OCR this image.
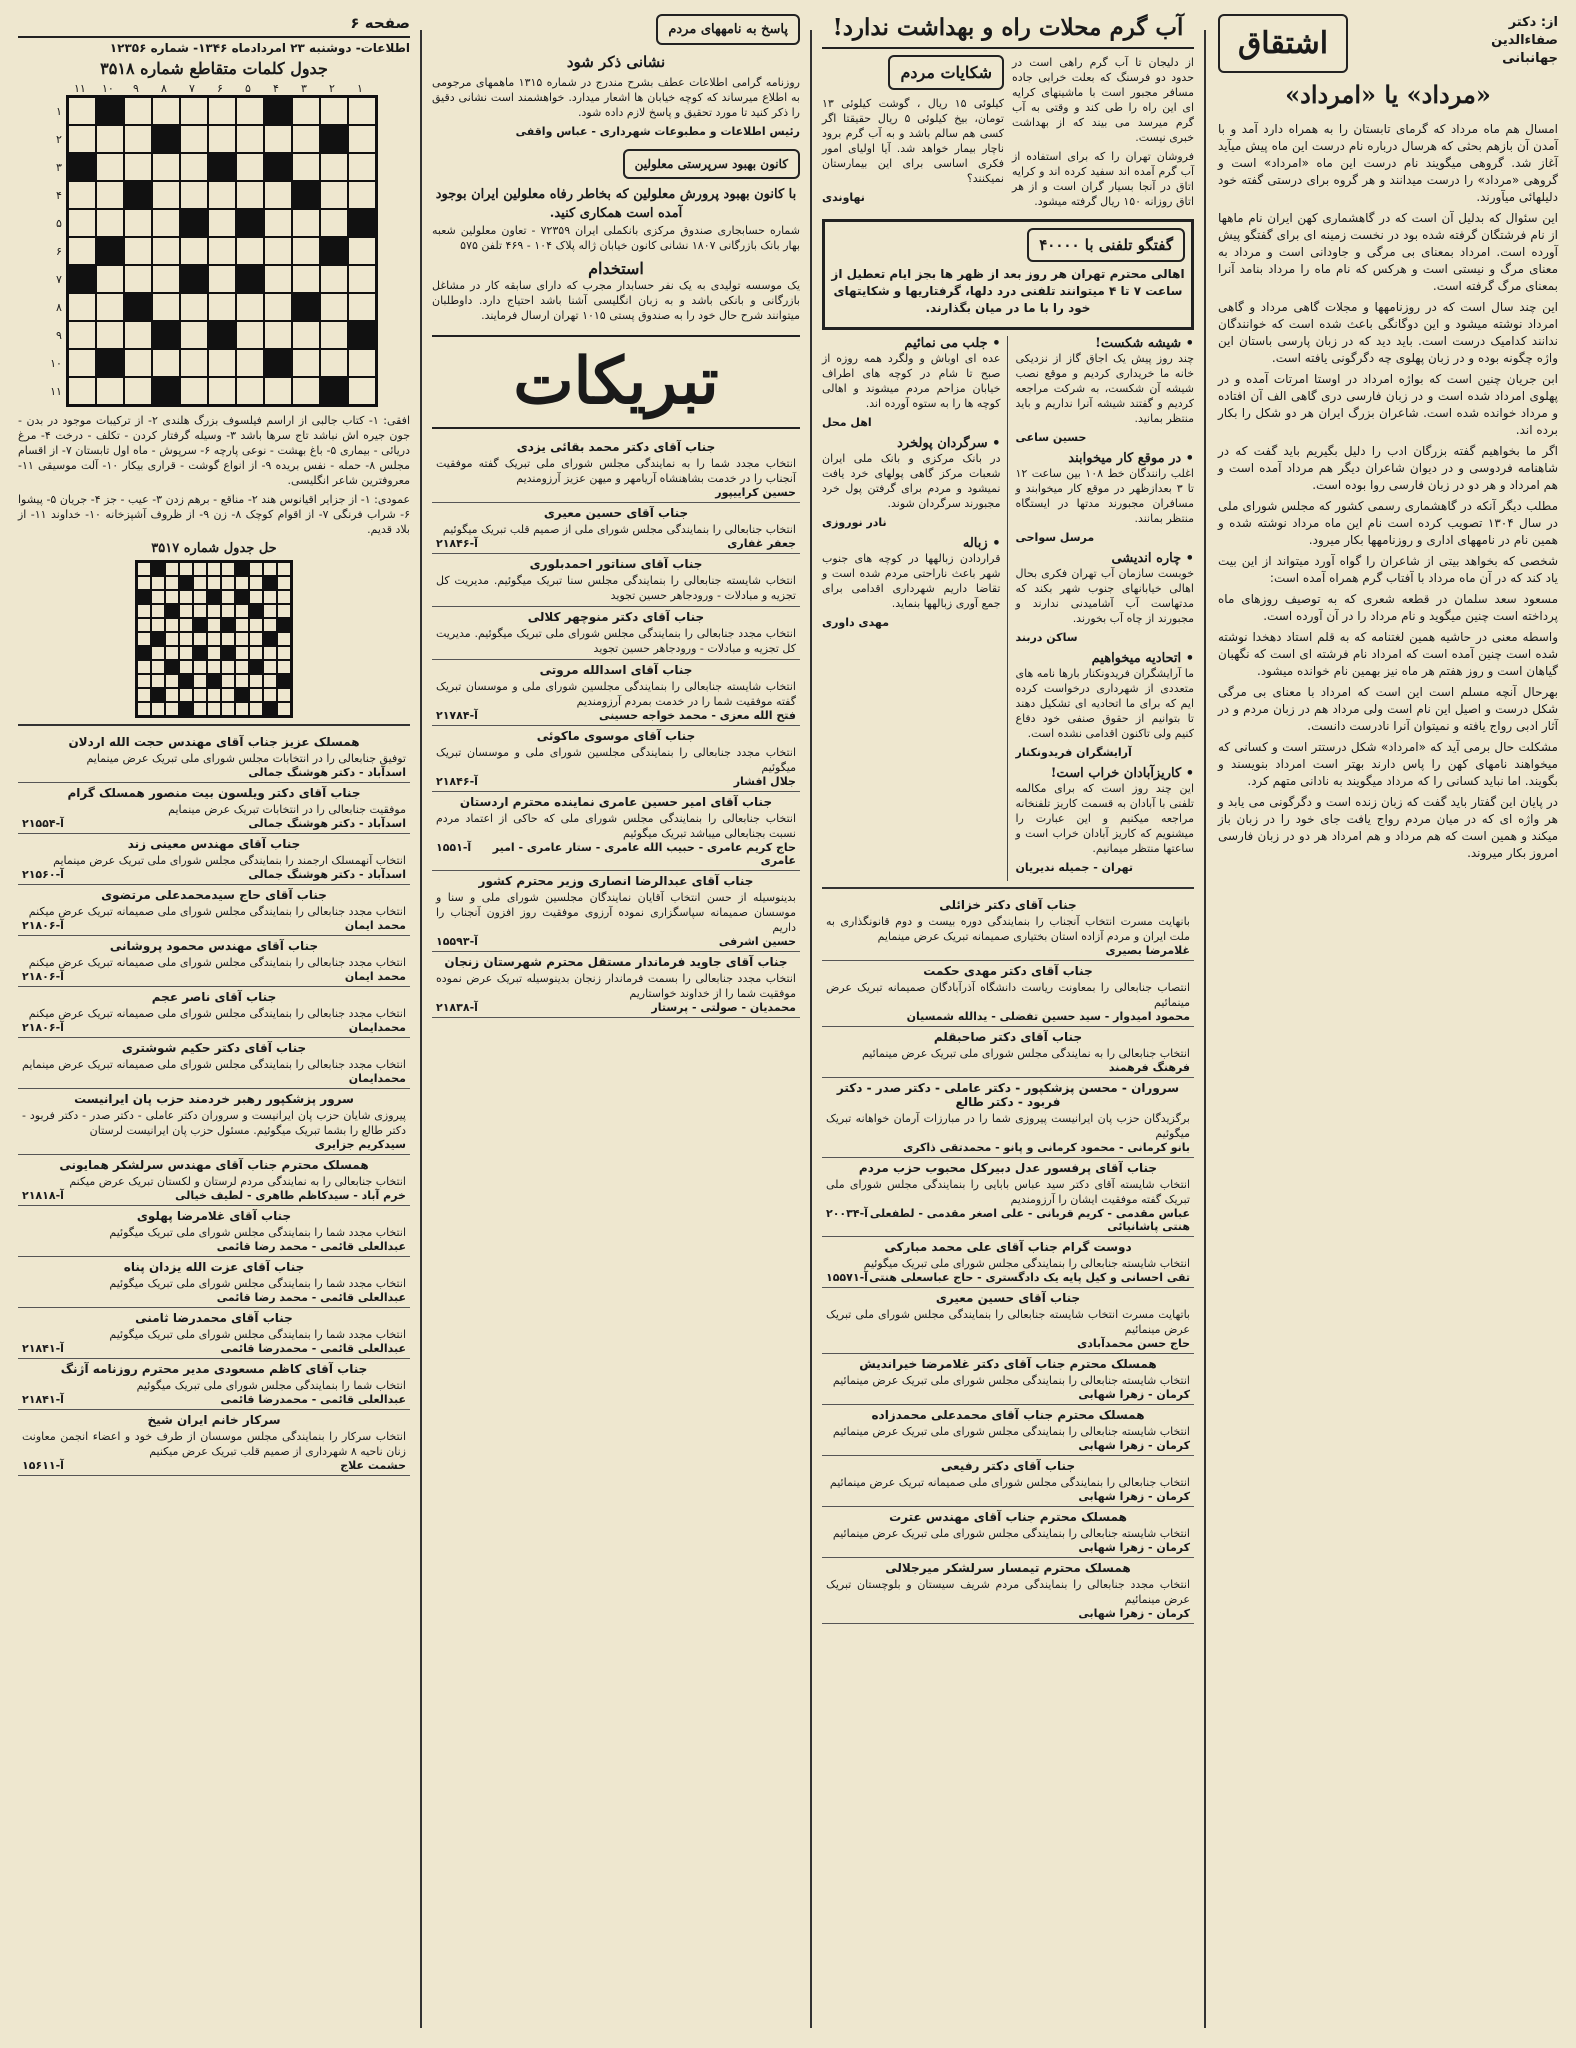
از: دکتر صفاءالدین جهانبانی
اشتقاق
«مرداد» یا «امرداد»

امسال هم ماه مرداد که گرمای تابستان را به همراه دارد آمد و با آمدن آن بازهم بحثی که هرسال درباره نام درست این ماه پیش میآید آغاز شد. گروهی میگویند نام درست این ماه «امرداد» است و گروهی «مرداد» را درست میدانند و هر گروه برای درستی گفته خود دلیلهائی میآورند.

این سئوال که بدلیل آن است که در گاهشماری کهن ایران نام ماهها از نام فرشتگان گرفته شده بود در نخست زمینه ای برای گفتگو پیش آورده است. امرداد بمعنای بی مرگی و جاودانی است و مرداد به معنای مرگ و نیستی است و هرکس که نام ماه را مرداد بنامد آنرا بمعنای مرگ گرفته است.

این چند سال است که در روزنامهها و مجلات گاهی مرداد و گاهی امرداد نوشته میشود و این دوگانگی باعث شده است که خوانندگان ندانند کدامیک درست است. باید دید که در زبان پارسی باستان این واژه چگونه بوده و در زبان پهلوی چه دگرگونی یافته است.

ابن جریان چنین است که بواژه امرداد در اوستا امرتات آمده و در پهلوی امرداد شده است و در زبان فارسی دری گاهی الف آن افتاده و مرداد خوانده شده است. شاعران بزرگ ایران هر دو شکل را بکار برده اند.

اگر ما بخواهیم گفته بزرگان ادب را دلیل بگیریم باید گفت که در شاهنامه فردوسی و در دیوان شاعران دیگر هم مرداد آمده است و هم امرداد و هر دو در زبان فارسی روا بوده است.

مطلب دیگر آنکه در گاهشماری رسمی کشور که مجلس شورای ملی در سال ۱۳۰۴ تصویب کرده است نام این ماه مرداد نوشته شده و همین نام در نامههای اداری و روزنامهها بکار میرود.

شخصی که بخواهد بیتی از شاعران را گواه آورد میتواند از این بیت یاد کند که در آن ماه مرداد با آفتاب گرم همراه آمده است:

مسعود سعد سلمان در قطعه شعری که به توصیف روزهای ماه پرداخته است چنین میگوید و نام مرداد را در آن آورده است.

واسطه معنی در حاشیه همین لغتنامه که به قلم استاد دهخدا نوشته شده است چنین آمده است که امرداد نام فرشته ای است که نگهبان گیاهان است و روز هفتم هر ماه نیز بهمین نام خوانده میشود.

بهرحال آنچه مسلم است این است که امرداد با معنای بی مرگی شکل درست و اصیل این نام است ولی مرداد هم در زبان مردم و در آثار ادبی رواج یافته و نمیتوان آنرا نادرست دانست.

مشکلت حال برمی آید که «امرداد» شکل درستتر است و کسانی که میخواهند نامهای کهن را پاس دارند بهتر است امرداد بنویسند و بگویند. اما نباید کسانی را که مرداد میگویند به نادانی متهم کرد.

در پایان این گفتار باید گفت که زبان زنده است و دگرگونی می یابد و هر واژه ای که در میان مردم رواج یافت جای خود را در زبان باز میکند و همین است که هم مرداد و هم امرداد هر دو در زبان فارسی امروز بکار میروند.

آب گرم محلات راه و بهداشت ندارد!

از دلیجان تا آب گرم راهی است در حدود دو فرسنگ که بعلت خرابی جاده مسافر مجبور است با ماشینهای کرایه ای این راه را طی کند و وقتی به آب گرم میرسد می بیند که از بهداشت خبری نیست.

فروشان تهران را که برای استفاده از آب گرم آمده اند سفید کرده اند و کرایه اتاق در آنجا بسیار گران است و از هر اتاق روزانه ۱۵۰ ریال گرفته میشود.

شکایات مردم

کیلوئی ۱۵ ریال ، گوشت کیلوئی ۱۳ تومان، بیخ کیلوئی ۵ ریال حقیقتا اگر کسی هم سالم باشد و به آب گرم برود ناچار بیمار خواهد شد. آیا اولیای امور فکری اساسی برای این بیمارستان نمیکنند؟

نهاوندی

گفتگو تلفنی با ۴۰۰۰۰

اهالی محترم تهران هر روز بعد از ظهر ها بجز ایام تعطیل از ساعت ۷ تا ۴ میتوانند تلفنی درد دلها، گرفتاریها و شکایتهای خود را با ما در میان بگذارند.

• شیشه شکست!

چند روز پیش یک اجاق گاز از نزدیکی خانه ما خریداری کردیم و موقع نصب شیشه آن شکست، به شرکت مراجعه کردیم و گفتند شیشه آنرا نداریم و باید منتظر بمانید.

حسین ساعی

• در موقع کار میخوابند

اغلب رانندگان خط ۱۰۸ بین ساعت ۱۲ تا ۳ بعدازظهر در موقع کار میخوابند و مسافران مجبورند مدتها در ایستگاه منتظر بمانند.

مرسل سواحی

• چاره اندیشی

خوبست سازمان آب تهران فکری بحال اهالی خیابانهای جنوب شهر بکند که مدتهاست آب آشامیدنی ندارند و مجبورند از چاه آب بخورند.

ساکن دربند

• اتحادیه میخواهیم

ما آرایشگران فریدونکنار بارها نامه های متعددی از شهرداری درخواست کرده ایم که برای ما اتحادیه ای تشکیل دهند تا بتوانیم از حقوق صنفی خود دفاع کنیم ولی تاکنون اقدامی نشده است.

آرایشگران فریدونکنار

• کاریزآبادان خراب است!

این چند روز است که برای مکالمه تلفنی با آبادان به قسمت کاریز تلفنخانه مراجعه میکنیم و این عبارت را میشنویم که کاریز آبادان خراب است و ساعتها منتظر میمانیم.

تهران - جمیله ندیریان

• جلب می نمائیم

عده ای اوباش و ولگرد همه روزه از صبح تا شام در کوچه های اطراف خیابان مزاحم مردم میشوند و اهالی کوچه ها را به ستوه آورده اند.

اهل محل

• سرگردان پولخرد

در بانک مرکزی و بانک ملی ایران شعبات مرکز گاهی پولهای خرد یافت نمیشود و مردم برای گرفتن پول خرد مجبورند سرگردان شوند.

نادر نوروزی

• زباله

قراردادن زبالهها در کوچه های جنوب شهر باعث ناراحتی مردم شده است و تقاضا داریم شهرداری اقدامی برای جمع آوری زبالهها بنماید.

مهدی داوری

جناب آقای دکتر خزائلی
بانهایت مسرت انتخاب آنجناب را بنمایندگی دوره بیست و دوم قانونگذاری به ملت ایران و مردم آزاده استان بختیاری صمیمانه تبریک عرض مینمایم
غلامرضا بصیری
جناب آقای دکتر مهدی حکمت
انتصاب جنابعالی را بمعاونت ریاست دانشگاه آذرآبادگان صمیمانه تبریک عرض مینمائیم
محمود امیدوار - سید حسین تفضلی - یدالله شمسیان
جناب آقای دکتر صاحبقلم
انتخاب جنابعالی را به نمایندگی مجلس شورای ملی تبریک عرض مینمائیم
فرهنگ فرهمند
سروران - محسن پزشکپور - دکتر عاملی - دکتر صدر - دکتر فربود - دکتر طالع
برگزیدگان حزب پان ایرانیست پیروزی شما را در مبارزات آرمان خواهانه تبریک میگوئیم
بانو کرمانی - محمود کرمانی و پانو - محمدتقی ذاکری
جناب آقای پرفسور عدل دبیرکل محبوب حزب مردم
انتخاب شایسته آقای دکتر سید عباس بابایی را بنمایندگی مجلس شورای ملی تبریک گفته موفقیت ایشان را آرزومندیم
عباس مقدمی - کریم قربانی - علی اصغر مقدمی - لطفعلی هنتی پاشانیائی
آ-۲۰۰۳۴
دوست گرام جناب آقای علی محمد مبارکی
انتخاب شایسته جنابعالی را بنمایندگی مجلس شورای ملی تبریک میگوئیم
تقی احسانی و کیل پایه یک دادگستری - حاج عباسعلی هنتی
آ-۱۵۵۷۱
جناب آقای حسین معیری
باتهایت مسرت انتخاب شایسته جنابعالی را بنمایندگی مجلس شورای ملی تبریک عرض مینمائیم
حاج حسن محمدآبادی
همسلک محترم جناب آقای دکتر غلامرضا خیراندیش
انتخاب شایسته جنابعالی را بنمایندگی مجلس شورای ملی تبریک عرض مینمائیم
کرمان - زهرا شهابی
همسلک محترم جناب آقای محمدعلی محمدزاده
انتخاب شایسته جنابعالی را بنمایندگی مجلس شورای ملی تبریک عرض مینمائیم
کرمان - زهرا شهابی
جناب آقای دکتر رفیعی
انتخاب جنابعالی را بنمایندگی مجلس شورای ملی صمیمانه تبریک عرض مینمائیم
کرمان - زهرا شهابی
همسلک محترم جناب آقای مهندس عترت
انتخاب شایسته جنابعالی را بنمایندگی مجلس شورای ملی تبریک عرض مینمائیم
کرمان - زهرا شهابی
همسلک محترم تیمسار سرلشکر میرجلالی
انتخاب مجدد جنابعالی را بنمایندگی مردم شریف سیستان و بلوچستان تبریک عرض مینمائیم
کرمان - زهرا شهابی
پاسخ به نامههای مردم
نشانی ذکر شود

روزنامه گرامی اطلاعات عطف بشرح مندرج در شماره ۱۳۱۵ ماهمهای مرجومی به اطلاع میرساند که کوچه خیابان ها اشعار میدارد. خواهشمند است نشانی دقیق را ذکر کنید تا مورد تحقیق و پاسخ لازم داده شود.

رئیس اطلاعات و مطبوعات شهرداری - عباس واقفی

کانون بهبود سرپرستی معلولین
با کانون بهبود پرورش معلولین که بخاطر رفاه معلولین ایران بوجود آمده است همکاری کنید.

شماره حسابجاری صندوق مرکزی بانکملی ایران ۷۲۳۵۹ - تعاون معلولین شعبه بهار بانک بازرگانی ۱۸۰۷ نشانی کانون خیابان ژاله پلاک ۱۰۴ - ۴۶۹ تلفن ۵۷۵

استخدام

یک موسسه تولیدی به یک نفر حسابدار مجرب که دارای سابقه کار در مشاغل بازرگانی و بانکی باشد و به زبان انگلیسی آشنا باشد احتیاج دارد. داوطلبان میتوانند شرح حال خود را به صندوق پستی ۱۰۱۵ تهران ارسال فرمایند.

تبریکات
جناب آقای دکتر محمد بقائی یزدی
انتخاب مجدد شما را به نمایندگی مجلس شورای ملی تبریک گفته موفقیت آنجناب را در خدمت بشاهنشاه آریامهر و میهن عزیز آرزومندیم
حسین کراییپور
جناب آقای حسین معیری
انتخاب جنابعالی را بنمایندگی مجلس شورای ملی از صمیم قلب تبریک میگوئیم
جعفر غفاری
آ-۲۱۸۴۶
جناب آقای سناتور احمدبلوری
انتخاب شایسته جنابعالی را بنمایندگی مجلس سنا تبریک میگوئیم. مدیریت کل تجزیه و مبادلات - ورودجاهر حسین تجوید
جناب آقای دکتر منوچهر کلالی
انتخاب مجدد جنابعالی را بنمایندگی مجلس شورای ملی تبریک میگوئیم. مدیریت کل تجزیه و مبادلات - ورودجاهر حسین تجوید
جناب آقای اسدالله مروتی
انتخاب شایسته جنابعالی را بنمایندگی مجلسین شورای ملی و موسسان تبریک گفته موفقیت شما را در خدمت بمردم آرزومندیم
فتح الله معزی - محمد خواجه حسینی
آ-۲۱۷۸۴
جناب آقای موسوی ماکوئی
انتخاب مجدد جنابعالی را بنمایندگی مجلسین شورای ملی و موسسان تبریک میگوئیم
جلال افشار
آ-۲۱۸۴۶
جناب آقای امیر حسین عامری نماینده محترم اردستان
انتخاب جنابعالی را بنمایندگی مجلس شورای ملی که حاکی از اعتماد مردم نسبت بجنابعالی میباشد تبریک میگوئیم
حاج کریم عامری - حبیب الله عامری - ستار عامری - امیر عامری
آ-۱۵۵۱
جناب آقای عبدالرضا انصاری وزیر محترم کشور
بدینوسیله از حسن انتخاب آقایان نمایندگان مجلسین شورای ملی و سنا و موسسان صمیمانه سپاسگزاری نموده آرزوی موفقیت روز افزون آنجناب را داریم
حسین اشرفی
آ-۱۵۵۹۳
جناب آقای جاوید فرماندار مستقل محترم شهرستان زنجان
انتخاب مجدد جنابعالی را بسمت فرماندار زنجان بدینوسیله تبریک عرض نموده موفقیت شما را از خداوند خواستاریم
محمدیان - صولتی - پرستار
آ-۲۱۸۳۸
صفحه ۶
اطلاعات- دوشنبه ۲۳ امردادماه ۱۳۴۶- شماره ۱۲۳۵۶
جدول کلمات متقاطع شماره ۳۵۱۸
۱۱	۱۰	۹	۸	۷	۶	۵	۴	۳	۲	۱
۱
۲
۳
۴
۵
۶
۷
۸
۹
۱۰
۱۱

افقی: ۱- کتاب جالبی از اراسم فیلسوف بزرگ هلندی ۲- از ترکیبات موجود در بدن - جون جیره اش نباشد تاج سرها باشد ۳- وسیله گرفتار کردن - تکلف - درخت ۴- مرغ دریائی - بیماری ۵- باغ بهشت - نوعی پارچه ۶- سرپوش - ماه اول تابستان ۷- از اقسام مجلس ۸- حمله - نفس بریده ۹- از انواع گوشت - قراری بیکار ۱۰- آلت موسیقی ۱۱- معروفترین شاعر انگلیسی.

عمودی: ۱- از جزایر اقیانوس هند ۲- مناقع - برهم زدن ۳- عیب - جز ۴- جریان ۵- پیشوا ۶- شراب فرنگی ۷- از اقوام کوچک ۸- زن ۹- از ظروف آشپزخانه ۱۰- خداوند ۱۱- از بلاد قدیم.

حل جدول شماره ۳۵۱۷
همسلک عزیز جناب آقای مهندس حجت الله اردلان
توفیق جنابعالی را در انتخابات مجلس شورای ملی تبریک عرض مینمایم
اسدآباد - دکتر هوشنگ جمالی
جناب آقای دکتر ویلسون بیت منصور همسلک گرام
موفقیت جنابعالی را در انتخابات تبریک عرض مینمایم
اسدآباد - دکتر هوشنگ جمالی
آ-۲۱۵۵۴
جناب آقای مهندس معینی زند
انتخاب آنهمسلک ارجمند را بنمایندگی مجلس شورای ملی تبریک عرض مینمایم
اسدآباد - دکتر هوشنگ جمالی
آ-۲۱۵۶۰
جناب آقای حاج سیدمحمدعلی مرتضوی
انتخاب مجدد جنابعالی را بنمایندگی مجلس شورای ملی صمیمانه تبریک عرض میکنم
محمد ایمان
آ-۲۱۸۰۶
جناب آقای مهندس محمود پروشانی
انتخاب مجدد جنابعالی را بنمایندگی مجلس شورای ملی صمیمانه تبریک عرض میکنم
محمد ایمان
آ-۲۱۸۰۶
جناب آقای ناصر عجم
انتخاب مجدد جنابعالی را بنمایندگی مجلس شورای ملی صمیمانه تبریک عرض میکنم
محمدایمان
آ-۲۱۸۰۶
جناب آقای دکتر حکیم شوشتری
انتخاب مجدد جنابعالی را بنمایندگی مجلس شورای ملی صمیمانه تبریک عرض مینمایم
محمدایمان
سرور پزشکپور رهبر خردمند حزب پان ایرانیست
پیروزی شایان حزب پان ایرانیست و سروران دکتر عاملی - دکتر صدر - دکتر فربود - دکتر طالع را بشما تبریک میگوئیم. مسئول حزب پان ایرانیست لرستان
سیدکریم جزایری
همسلک محترم جناب آقای مهندس سرلشکر همایونی
انتخاب جنابعالی را به نمایندگی مردم لرستان و لکستان تبریک عرض میکنم
خرم آباد - سیدکاظم طاهری - لطیف خیالی
آ-۲۱۸۱۸
جناب آقای غلامرضا پهلوی
انتخاب مجدد شما را بنمایندگی مجلس شورای ملی تبریک میگوئیم
عبدالعلی قائمی - محمد رضا قائمی
جناب آقای عزت الله یزدان پناه
انتخاب مجدد شما را بنمایندگی مجلس شورای ملی تبریک میگوئیم
عبدالعلی قائمی - محمد رضا قائمی
جناب آقای محمدرضا ثامنی
انتخاب مجدد شما را بنمایندگی مجلس شورای ملی تبریک میگوئیم
عبدالعلی قائمی - محمدرضا قائمی
آ-۲۱۸۴۱
جناب آقای کاظم مسعودی مدیر محترم روزنامه آژنگ
انتخاب شما را بنمایندگی مجلس شورای ملی تبریک میگوئیم
عبدالعلی قائمی - محمدرضا قائمی
آ-۲۱۸۴۱
سرکار خانم ایران شیخ
انتخاب سرکار را بنمایندگی مجلس موسسان از طرف خود و اعضاء انجمن معاونت زنان ناحیه ۸ شهرداری از صمیم قلب تبریک عرض میکنیم
حشمت علاج
آ-۱۵۶۱۱
